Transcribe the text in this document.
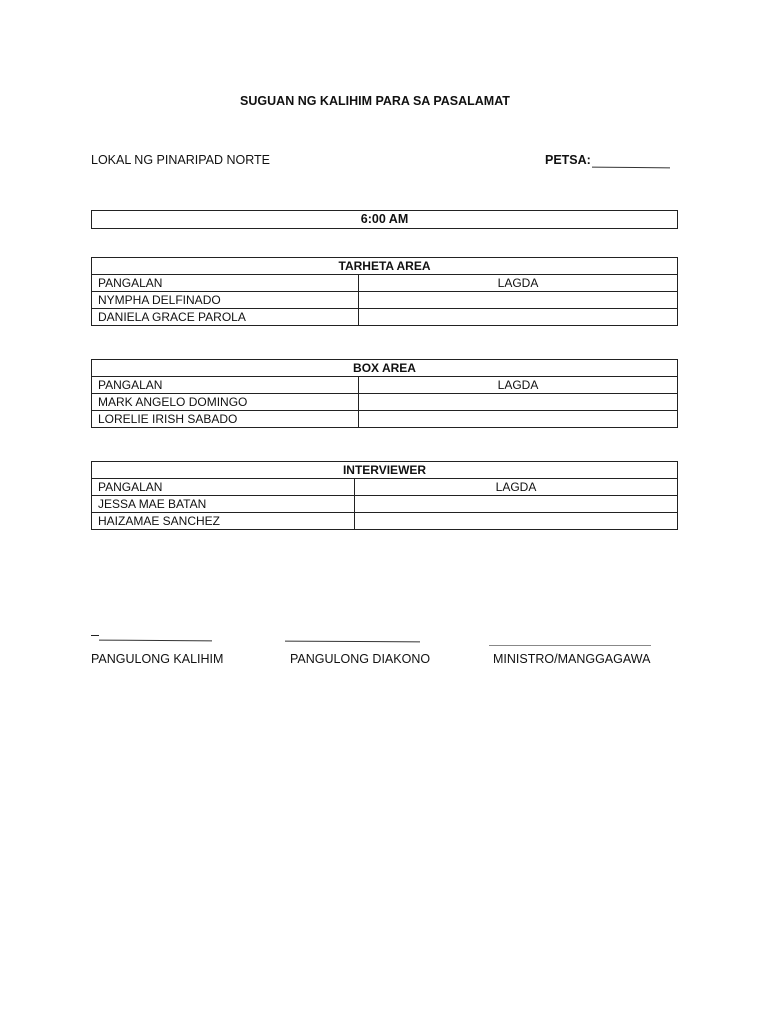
SUGUAN NG KALIHIM PARA SA PASALAMAT
LOKAL NG PINARIPAD NORTE	PETSA:
6:00 AM
TARHETA AREA	
PANGALAN	LAGDA
NYMPHA DELFINADO	
DANIELA GRACE PAROLA	
BOX AREA	
PANGALAN	LAGDA
MARK ANGELO DOMINGO	
LORELIE IRISH SABADO	
INTERVIEWER	
PANGALAN	LAGDA
JESSA MAE BATAN	
HAIZAMAE SANCHEZ	
PANGULONG KALIHIM	PANGULONG DIAKONO	MINISTRO/MANGGAGAWA
